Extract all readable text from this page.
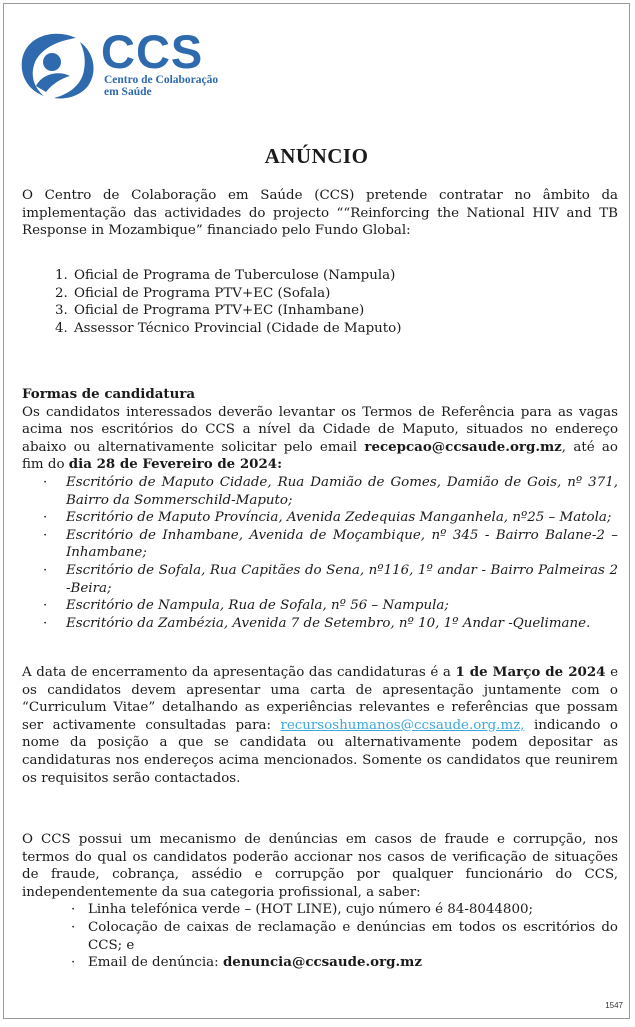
CCS
Centro de Colaboração
em Saúde
ANÚNCIO
O Centro de Colaboração em Saúde (CCS) pretende contratar no âmbito da implementação das actividades do projecto ““Reinforcing the National HIV and TB Response in Mozambique” financiado pelo Fundo Global:
1. Oficial de Programa de Tuberculose (Nampula)
2. Oficial de Programa PTV+EC (Sofala)
3. Oficial de Programa PTV+EC (Inhambane)
4. Assessor Técnico Provincial (Cidade de Maputo)
Formas de candidatura
Os candidatos interessados deverão levantar os Termos de Referência para as vagas acima nos escritórios do CCS a nível da Cidade de Maputo, situados no endereço abaixo ou alternativamente solicitar pelo email recepcao@ccsaude.org.mz, até ao fim do dia 28 de Fevereiro de 2024:
· Escritório de Maputo Cidade, Rua Damião de Gomes, Damião de Gois, nº 371, Bairro da Sommerschild-Maputo;
· Escritório de Maputo Província, Avenida Zedequias Manganhela, nº25 – Matola;
· Escritório de Inhambane, Avenida de Moçambique, nº 345 - Bairro Balane-2 – Inhambane;
· Escritório de Sofala, Rua Capitães do Sena, nº116, 1º andar - Bairro Palmeiras 2 -Beira;
· Escritório de Nampula, Rua de Sofala, nº 56 – Nampula;
· Escritório da Zambézia, Avenida 7 de Setembro, nº 10, 1º Andar -Quelimane.
A data de encerramento da apresentação das candidaturas é a 1 de Março de 2024 e os candidatos devem apresentar uma carta de apresentação juntamente com o “Curriculum Vitae” detalhando as experiências relevantes e referências que possam ser activamente consultadas para: recursoshumanos@ccsaude.org.mz, indicando o nome da posição a que se candidata ou alternativamente podem depositar as candidaturas nos endereços acima mencionados. Somente os candidatos que reunirem os requisitos serão contactados.
O CCS possui um mecanismo de denúncias em casos de fraude e corrupção, nos termos do qual os candidatos poderão accionar nos casos de verificação de situações de fraude, cobrança, assédio e corrupção por qualquer funcionário do CCS, independentemente da sua categoria profissional, a saber:
· Linha telefónica verde – (HOT LINE), cujo número é 84-8044800;
· Colocação de caixas de reclamação e denúncias em todos os escritórios do CCS; e
· Email de denúncia: denuncia@ccsaude.org.mz
1547
